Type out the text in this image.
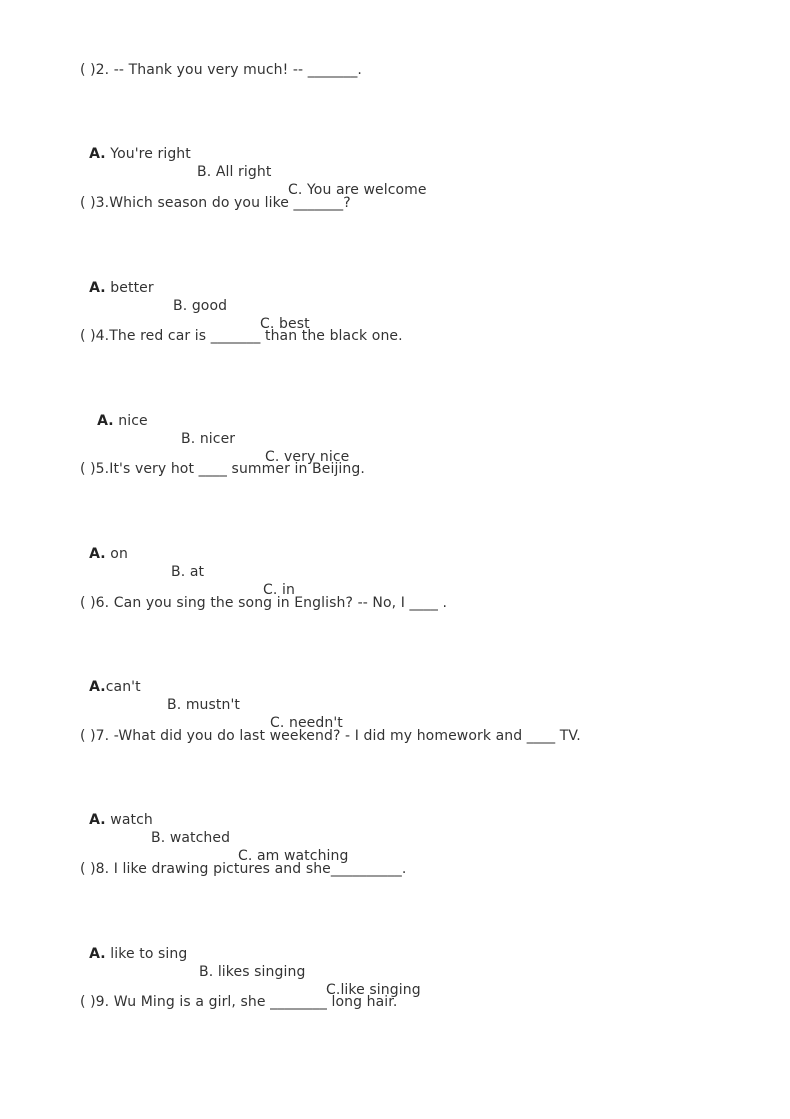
( )2. -- Thank you very much! -- _______.

A. You're right

B. All right

C. You are welcome

( )3.Which season do you like _______?

A. better

B. good

C. best

( )4.The red car is _______ than the black one.

A. nice

B. nicer

C. very nice

( )5.It's very hot ____ summer in Beijing.

A. on

B. at

C. in

( )6. Can you sing the song in English? -- No, I ____ .

A.can't

B. mustn't

C. needn't

( )7. -What did you do last weekend? - I did my homework and ____ TV.

A. watch

B. watched

C. am watching

( )8. I like drawing pictures and she__________.

A. like to sing

B. likes singing

C.like singing

( )9. Wu Ming is a girl, she ________ long hair.
